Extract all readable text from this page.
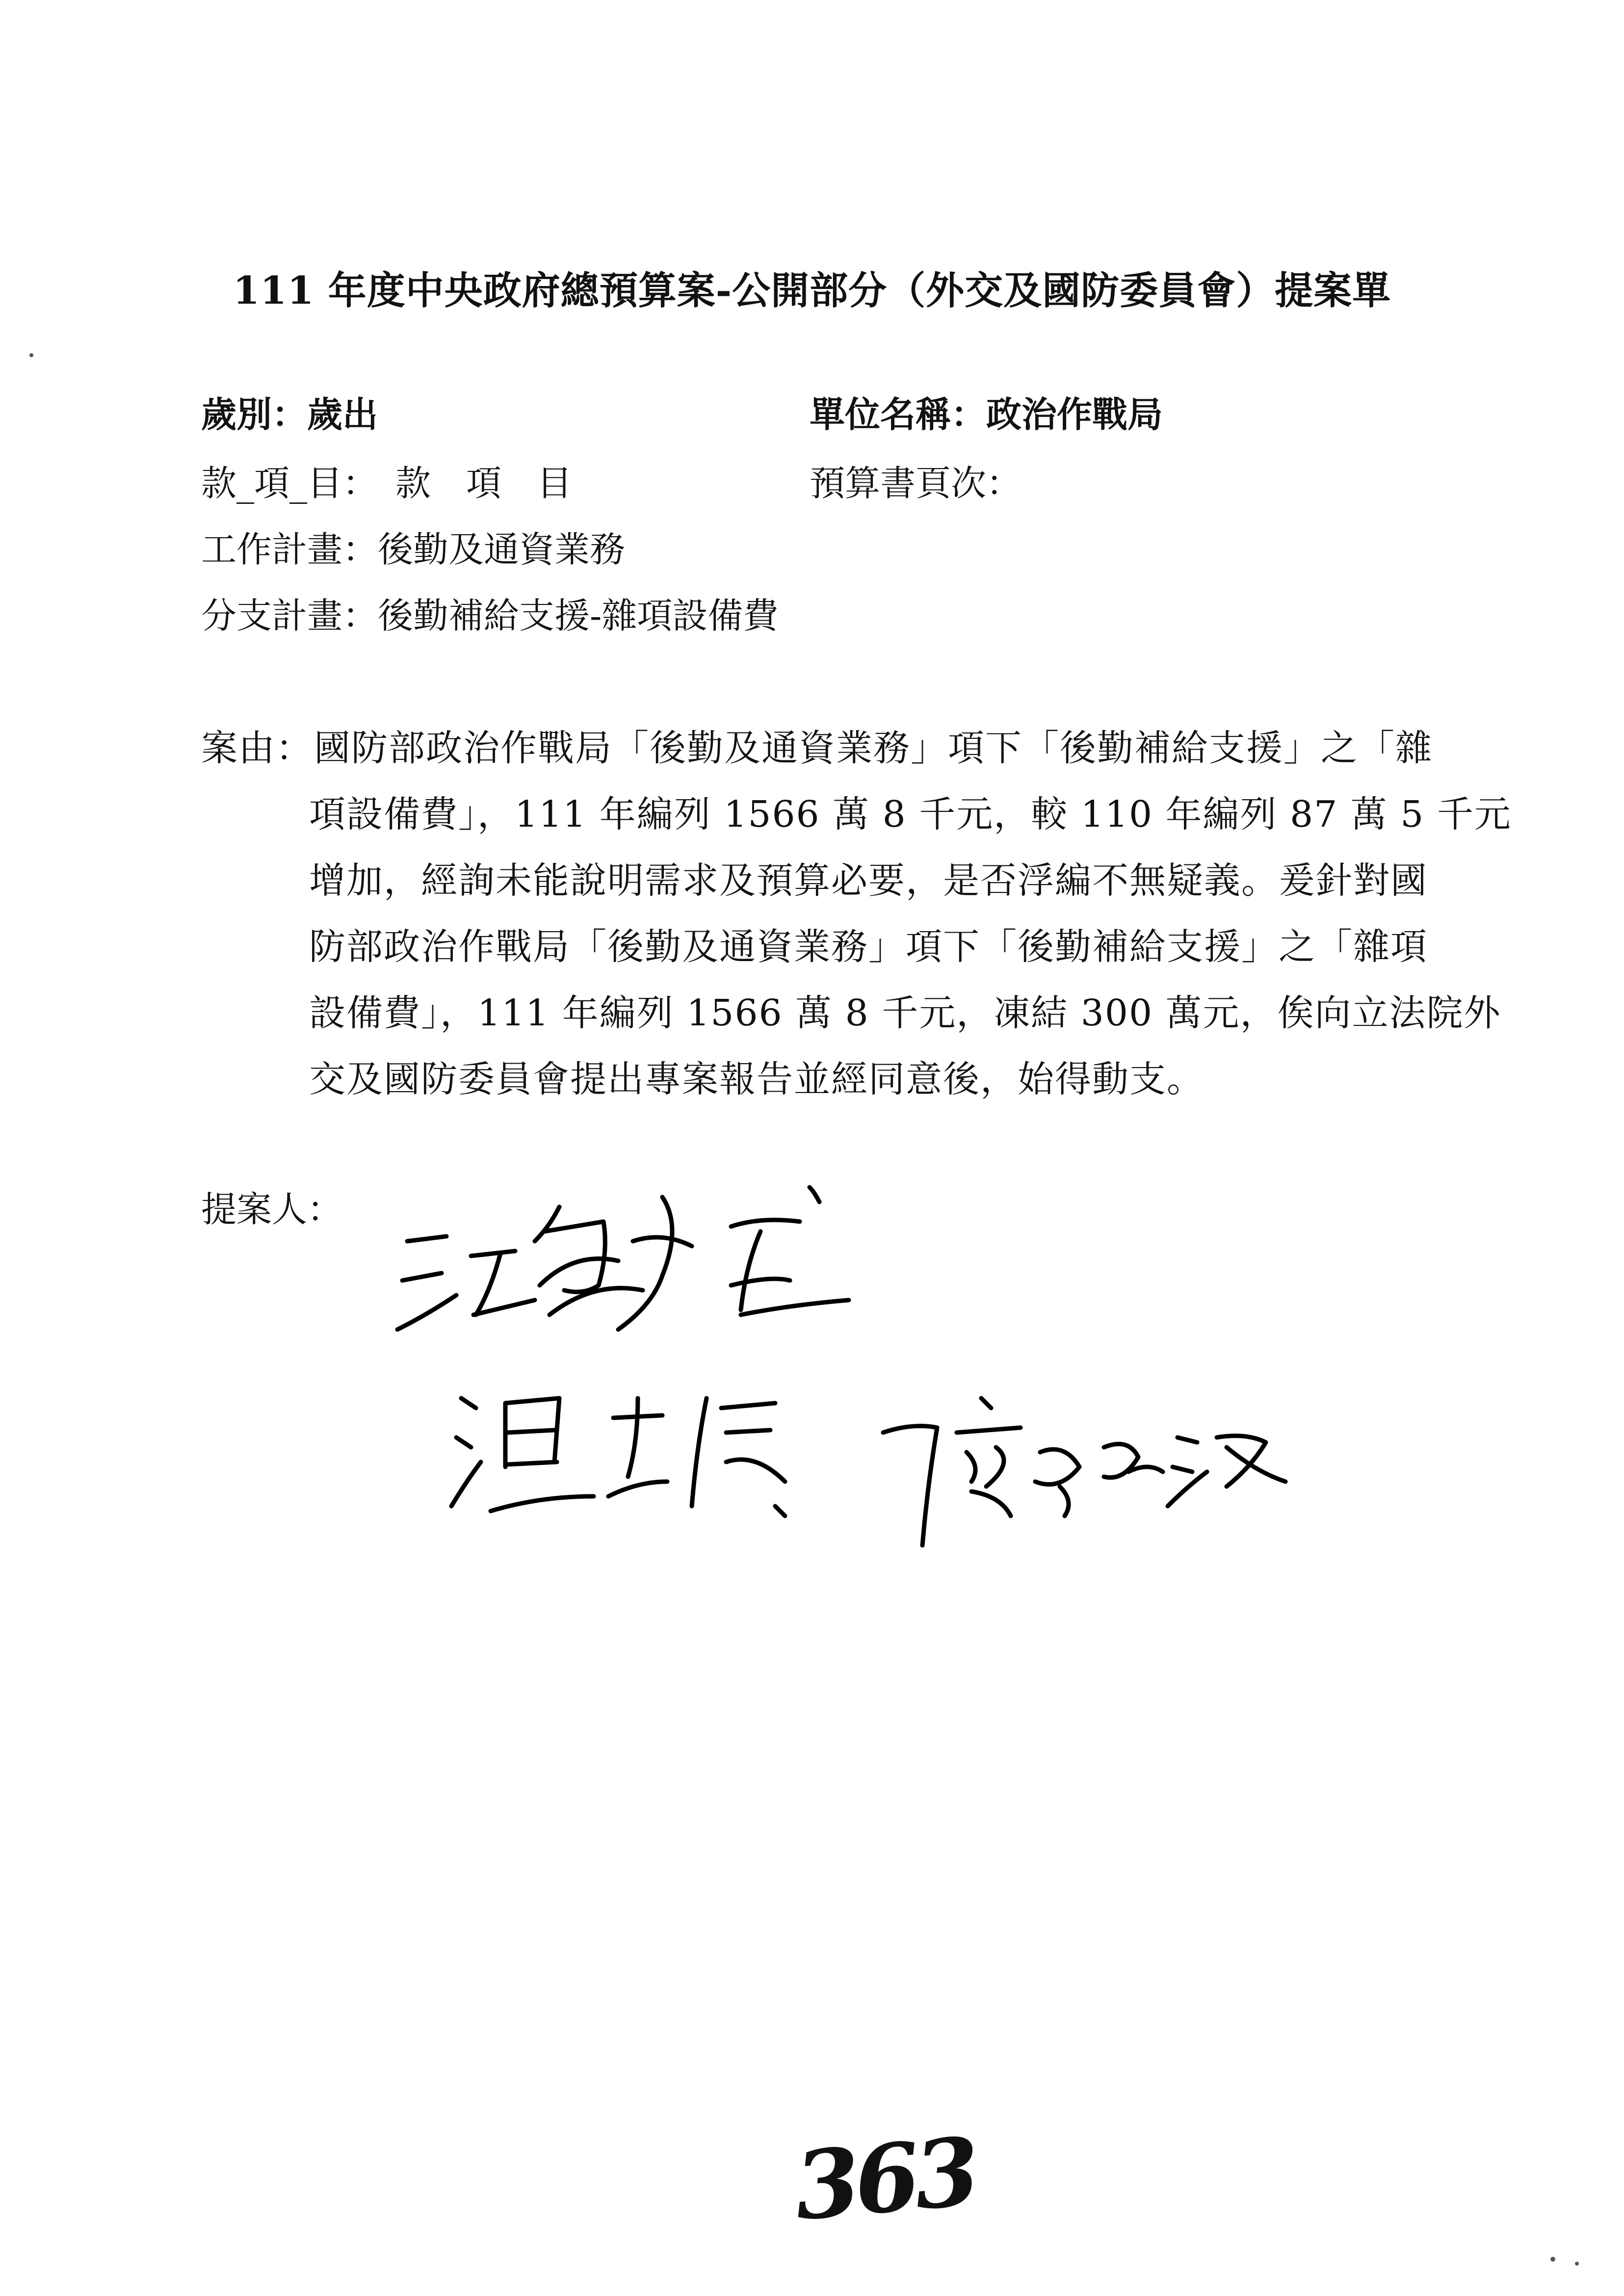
111 年度中央政府總預算案-公開部分（外交及國防委員會）提案單
歲別：歲出	單位名稱：政治作戰局
款_項_目：　款　項　目	預算書頁次：
工作計畫：後勤及通資業務
分支計畫：後勤補給支援-雜項設備費
案由： 國防部政治作戰局「後勤及通資業務」項下「後勤補給支援」之「雜
項設備費」，111 年編列 1566 萬 8 千元，較 110 年編列 87 萬 5 千元
增加，經詢未能說明需求及預算必要，是否浮編不無疑義。爰針對國
防部政治作戰局「後勤及通資業務」項下「後勤補給支援」之「雜項
設備費」，111 年編列 1566 萬 8 千元，凍結 300 萬元，俟向立法院外
交及國防委員會提出專案報告並經同意後，始得動支。
提案人：
363
